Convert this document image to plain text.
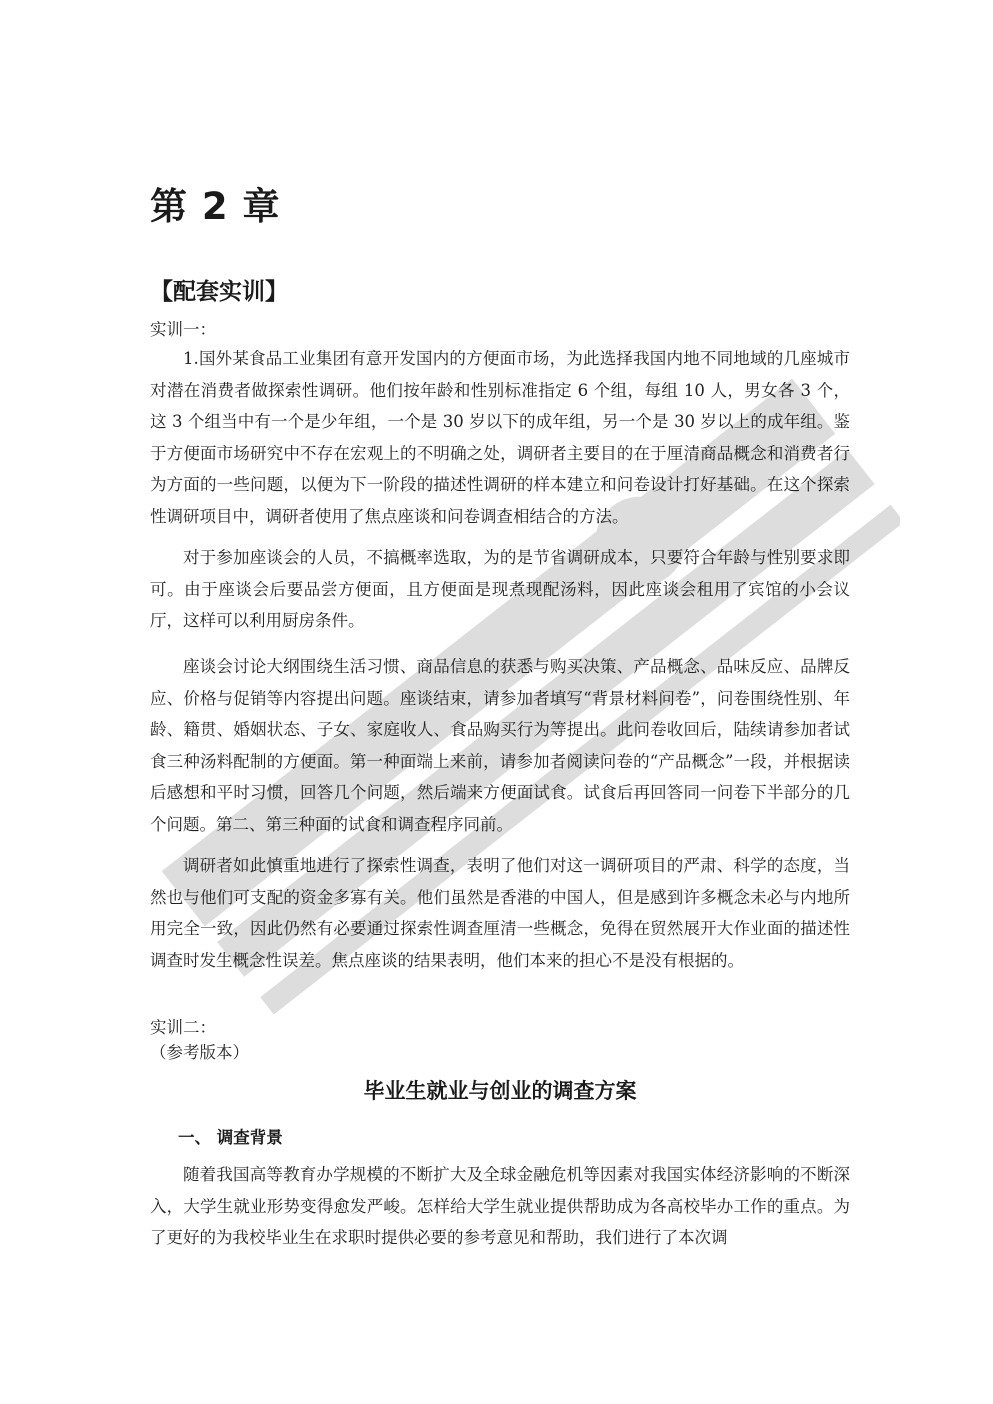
第 2 章
【配套实训】

实训一：

1.国外某食品工业集团有意开发国内的方便面市场，为此选择我国内地不同地域的几座城市对潜在消费者做探索性调研。他们按年龄和性别标准指定 6 个组，每组 10 人，男女各 3 个，这 3 个组当中有一个是少年组，一个是 30 岁以下的成年组，另一个是 30 岁以上的成年组。鉴于方便面市场研究中不存在宏观上的不明确之处，调研者主要目的在于厘清商品概念和消费者行为方面的一些问题，以便为下一阶段的描述性调研的样本建立和问卷设计打好基础。在这个探索性调研项目中，调研者使用了焦点座谈和问卷调查相结合的方法。

对于参加座谈会的人员，不搞概率选取，为的是节省调研成本，只要符合年龄与性别要求即可。由于座谈会后要品尝方便面，且方便面是现煮现配汤料，因此座谈会租用了宾馆的小会议厅，这样可以利用厨房条件。

座谈会讨论大纲围绕生活习惯、商品信息的获悉与购买决策、产品概念、品味反应、品牌反应、价格与促销等内容提出问题。座谈结束，请参加者填写“背景材料问卷”，问卷围绕性别、年龄、籍贯、婚姻状态、子女、家庭收人、食品购买行为等提出。此问卷收回后，陆续请参加者试食三种汤料配制的方便面。第一种面端上来前，请参加者阅读问卷的“产品概念”一段，并根据读后感想和平时习惯，回答几个问题，然后端来方便面试食。试食后再回答同一问卷下半部分的几个问题。第二、第三种面的试食和调查程序同前。

调研者如此慎重地进行了探索性调查，表明了他们对这一调研项目的严肃、科学的态度，当然也与他们可支配的资金多寡有关。他们虽然是香港的中国人，但是感到许多概念未必与内地所用完全一致，因此仍然有必要通过探索性调查厘清一些概念，免得在贸然展开大作业面的描述性调查时发生概念性误差。焦点座谈的结果表明，他们本来的担心不是没有根据的。

实训二：

（参考版本）

毕业生就业与创业的调查方案
一、 调查背景

随着我国高等教育办学规模的不断扩大及全球金融危机等因素对我国实体经济影响的不断深入，大学生就业形势变得愈发严峻。怎样给大学生就业提供帮助成为各高校毕办工作的重点。为了更好的为我校毕业生在求职时提供必要的参考意见和帮助，我们进行了本次调
